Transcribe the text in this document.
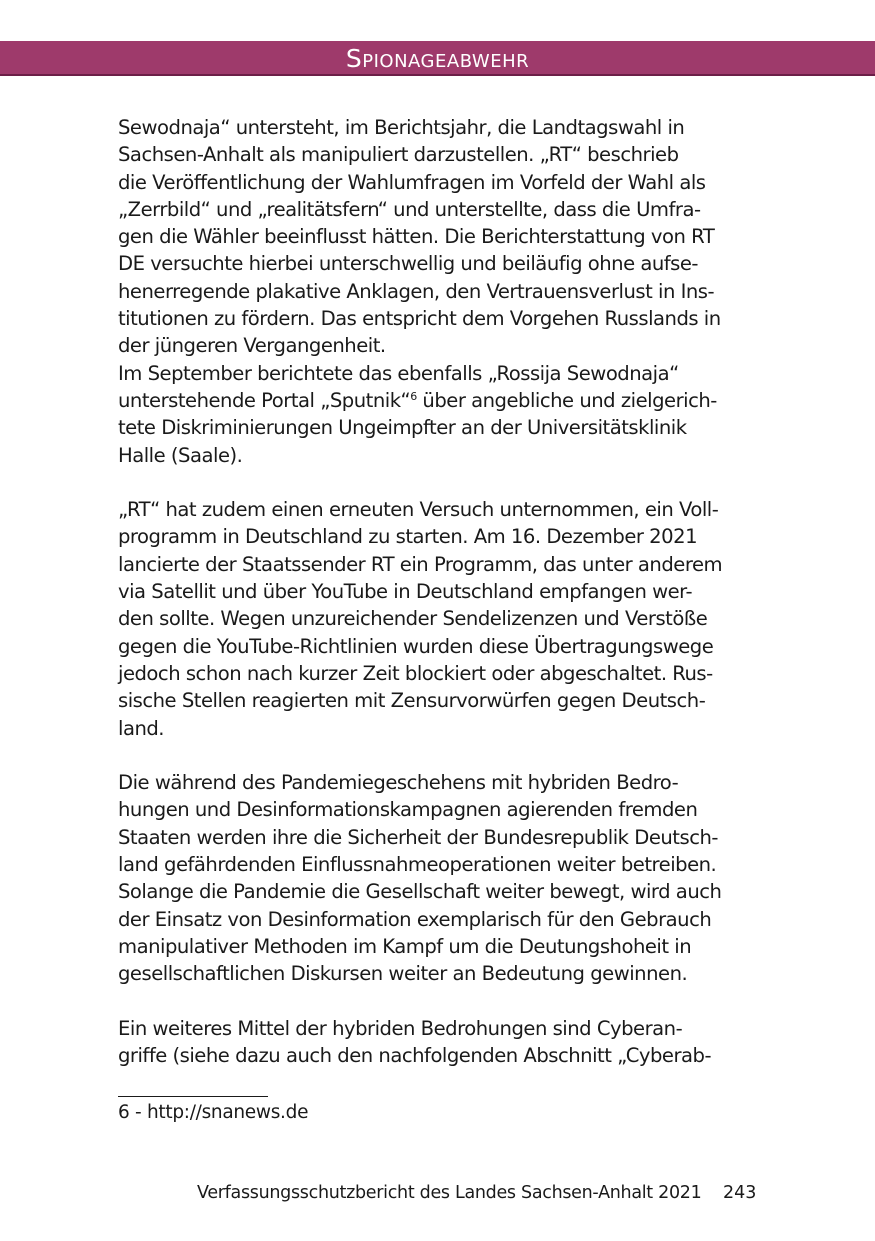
Spionageabwehr
Sewodnaja“ untersteht, im Berichtsjahr, die Landtagswahl in
Sachsen-Anhalt als manipuliert darzustellen. „RT“ beschrieb
die Veröffentlichung der Wahlumfragen im Vorfeld der Wahl als
„Zerrbild“ und „realitätsfern“ und unterstellte, dass die Umfra-
gen die Wähler beeinflusst hätten. Die Berichterstattung von RT
DE versuchte hierbei unterschwellig und beiläufig ohne aufse-
henerregende plakative Anklagen, den Vertrauensverlust in Ins-
titutionen zu fördern. Das entspricht dem Vorgehen Russlands in
der jüngeren Vergangenheit.
Im September berichtete das ebenfalls „Rossija Sewodnaja“
unterstehende Portal „Sputnik“$^6$ über angebliche und zielgerich-
tete Diskriminierungen Ungeimpfter an der Universitätsklinik
Halle (Saale).
„RT“ hat zudem einen erneuten Versuch unternommen, ein Voll-
programm in Deutschland zu starten. Am 16. Dezember 2021
lancierte der Staatssender RT ein Programm, das unter anderem
via Satellit und über YouTube in Deutschland empfangen wer-
den sollte. Wegen unzureichender Sendelizenzen und Verstöße
gegen die YouTube-Richtlinien wurden diese Übertragungswege
jedoch schon nach kurzer Zeit blockiert oder abgeschaltet. Rus-
sische Stellen reagierten mit Zensurvorwürfen gegen Deutsch-
land.
Die während des Pandemiegeschehens mit hybriden Bedro-
hungen und Desinformationskampagnen agierenden fremden
Staaten werden ihre die Sicherheit der Bundesrepublik Deutsch-
land gefährdenden Einflussnahmeoperationen weiter betreiben.
Solange die Pandemie die Gesellschaft weiter bewegt, wird auch
der Einsatz von Desinformation exemplarisch für den Gebrauch
manipulativer Methoden im Kampf um die Deutungshoheit in
gesellschaftlichen Diskursen weiter an Bedeutung gewinnen.
Ein weiteres Mittel der hybriden Bedrohungen sind Cyberan-
griffe (siehe dazu auch den nachfolgenden Abschnitt „Cyberab-
6 - http://snanews.de
Verfassungsschutzbericht des Landes Sachsen-Anhalt 2021 243
